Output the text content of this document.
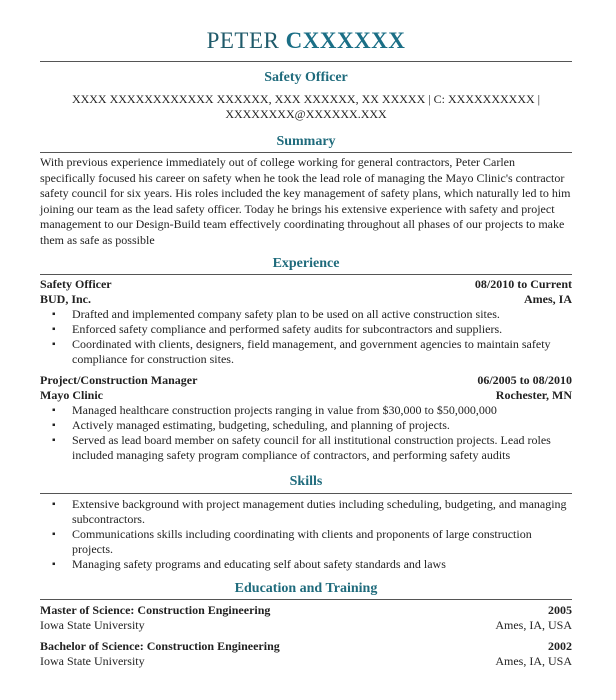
PETER CXXXXXX
Safety Officer
XXXX XXXXXXXXXXXX XXXXXX, XXX XXXXXX, XX XXXXX | C: XXXXXXXXXX |
XXXXXXXX@XXXXXX.XXX
Summary

With previous experience immediately out of college working for general contractors, Peter Carlen specifically focused his career on safety when he took the lead role of managing the Mayo Clinic's contractor safety council for six years. His roles included the key management of safety plans, which naturally led to him joining our team as the lead safety officer. Today he brings his extensive experience with safety and project management to our Design-Build team effectively coordinating throughout all phases of our projects to make them as safe as possible

Experience
Safety Officer	08/2010 to Current
BUD, Inc.	Ames, IA
▪ Drafted and implemented company safety plan to be used on all active construction sites.
▪ Enforced safety compliance and performed safety audits for subcontractors and suppliers.
▪ Coordinated with clients, designers, field management, and government agencies to maintain safety compliance for construction sites.
Project/Construction Manager	06/2005 to 08/2010
Mayo Clinic	Rochester, MN
▪ Managed healthcare construction projects ranging in value from $30,000 to $50,000,000
▪ Actively managed estimating, budgeting, scheduling, and planning of projects.
▪ Served as lead board member on safety council for all institutional construction projects. Lead roles included managing safety program compliance of contractors, and performing safety audits
Skills
▪ Extensive background with project management duties including scheduling, budgeting, and managing subcontractors.
▪ Communications skills including coordinating with clients and proponents of large construction projects.
▪ Managing safety programs and educating self about safety standards and laws
Education and Training
Master of Science: Construction Engineering	2005
Iowa State University	Ames, IA, USA
Bachelor of Science: Construction Engineering	2002
Iowa State University	Ames, IA, USA
